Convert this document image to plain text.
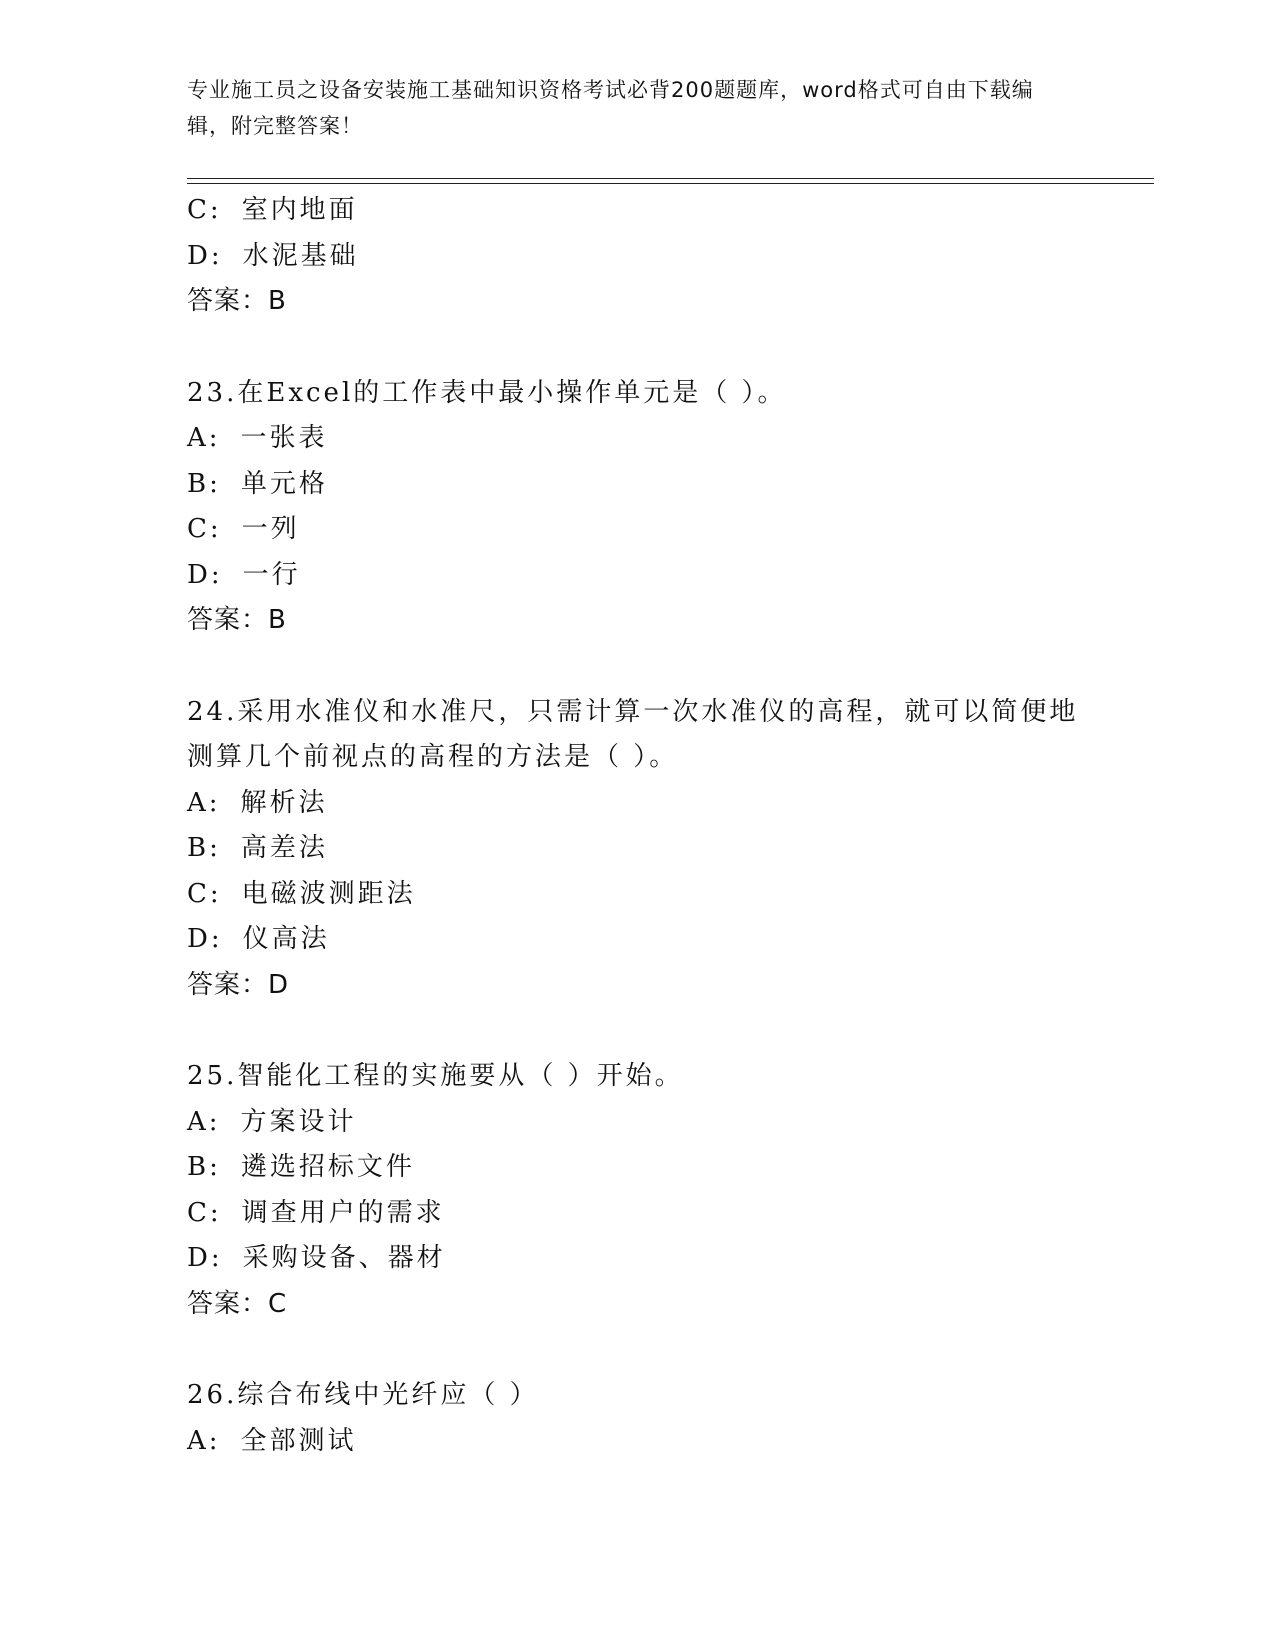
专业施工员之设备安装施工基础知识资格考试必背200题题库，word格式可自由下载编辑，附完整答案！
C: 室内地面
D: 水泥基础
答案：B
23.在Excel的工作表中最小操作单元是（ ）。
A: 一张表
B: 单元格
C: 一列
D: 一行
答案：B
24.采用水准仪和水准尺，只需计算一次水准仪的高程，就可以简便地测算几个前视点的高程的方法是（ ）。
A: 解析法
B: 高差法
C: 电磁波测距法
D: 仪高法
答案：D
25.智能化工程的实施要从（ ）开始。
A: 方案设计
B: 遴选招标文件
C: 调查用户的需求
D: 采购设备、器材
答案：C
26.综合布线中光纤应（ ）
A: 全部测试
